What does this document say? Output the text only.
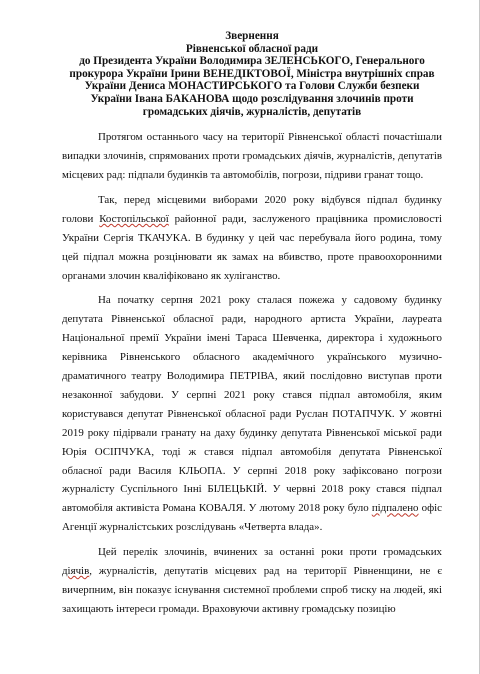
Звернення
Рівненської обласної ради
до Президента України Володимира ЗЕЛЕНСЬКОГО, Генерального
прокурора України Ірини ВЕНЕДІКТОВОЇ, Міністра внутрішніх справ
України Дениса МОНАСТИРСЬКОГО та Голови Служби безпеки
України Івана БАКАНОВА щодо розслідування злочинів проти
громадських діячів, журналістів, депутатів

Протягом останнього часу на території Рівненської області почастішали випадки злочинів, спрямованих проти громадських діячів, журналістів, депутатів місцевих рад: підпали будинків та автомобілів, погрози, підриви гранат тощо.

Так, перед місцевими виборами 2020 року відбувся підпал будинку голови Костопільської районної ради, заслуженого працівника промисловості України Сергія ТКАЧУКА. В будинку у цей час перебувала його родина, тому цей підпал можна розцінювати як замах на вбивство, проте правоохоронними органами злочин кваліфіковано як хуліганство.

На початку серпня 2021 року сталася пожежа у садовому будинку депутата Рівненської обласної ради, народного артиста України, лауреата Національної премії України імені Тараса Шевченка, директора і художнього керівника Рівненського обласного академічного українського музично-драматичного театру Володимира ПЕТРІВА, який послідовно виступав проти незаконної забудови. У серпні 2021 року стався підпал автомобіля, яким користувався депутат Рівненської обласної ради Руслан ПОТАПЧУК. У жовтні 2019 року підірвали гранату на даху будинку депутата Рівненської міської ради Юрія ОСІПЧУКА, тоді ж стався підпал автомобіля депутата Рівненської обласної ради Василя КЛЬОПА. У серпні 2018 року зафіксовано погрози журналісту Суспільного Інні БІЛЕЦЬКІЙ. У червні 2018 року стався підпал автомобіля активіста Романа КОВАЛЯ. У лютому 2018 року було підпалено офіс Агенції журналістських розслідувань «Четверта влада».

Цей перелік злочинів, вчинених за останні роки проти громадських діячів, журналістів, депутатів місцевих рад на території Рівненщини, не є вичерпним, він показує існування системної проблеми спроб тиску на людей, які захищають інтереси громади. Враховуючи активну громадську позицію
